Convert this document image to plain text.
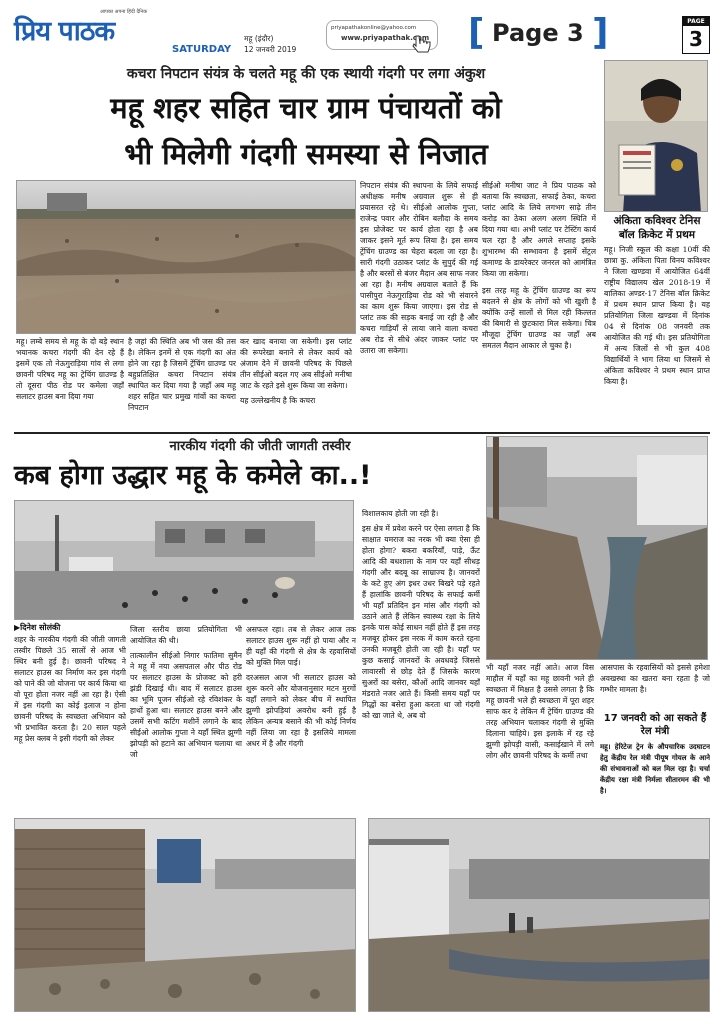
प्रिय पाठक
आपका अपना हिंदी दैनिक
SATURDAY
महू (इंदौर)
12 जनवरी 2019
priyapathakonline@yahoo.com
www.priyapathak.com [ Page 3 ]	PAGE
3
कचरा निपटान संयंत्र के चलते महू की एक स्थायी गंदगी पर लगा अंकुश
महू शहर सहित चार ग्राम पंचायतों को
भी मिलेगी गंदगी समस्या से निजात

महू। लम्बे समय से महू के दो बड़े स्थान भयानक कचरा गंदगी की देन रहे हैं इसमें एक तो नेऊगुराड़िया गांव से लगा छावनी परिषद महू का ट्रेचिंग ग्राउण्ड है तो दूसरा पीठ रोड पर कमेला जहाँ सलाटर हाउस बना दिया गया

है जहां की स्थिति अब भी जस की तस है। लेकिन इनमें से एक गंदगी का अंत होने जा रहा है जिसमें ट्रेंचिंग ग्राउण्ड पर बहुप्रतिक्षित कचरा निपटान संयंत्र स्थापित कर दिया गया है जहाँ अब महू शहर सहित चार प्रमुख गांवों का कचरा निपटान

कर खाद बनाया जा सकेगी। इस प्लांट की रूपरेखा बनाने से लेकर कार्य को अंजाम देने में छावनी परिषद के पिछले तीन सीईओ बदल गए अब सीईओ मनीषा जाट के रहते इसे शुरू किया जा सकेगा।

यह उल्लेखनीय है कि कचरा

निपटान संयंत्र की स्थापना के लिये सफाई अधीक्षक मनीष अग्रवाल शुरू से ही प्रयासरत रहे थे। सीईओ आलोक गुप्ता, राजेन्द्र पवार और रोबिन बलौदा के समय इस प्रोजेक्ट पर कार्य होता रहा है अब जाकर इसने मूर्त रूप लिया है। इस समय ट्रेंचिंग ग्राउण्ड का चेहरा बदला जा रहा है। सारी गंदगी उठाकर प्लांट के सुपुर्द की गई है और बरसों से बंजर मैदान अब साफ नजर आ रहा है। मनीष अग्रवाल बताते हैं कि पासीपुरा नेऊगुराड़िया रोड को भी संवारने का काम शुरू किया जाएगा। इस रोड से प्लांट तक की सड़क बनाई जा रही है और कचरा गाड़ियाँ से लाया जाने वाला कचरा अब रोड से सीधे अंदर जाकर प्लांट पर उतारा जा सकेगा।

सीईओ मनीषा जाट ने प्रिय पाठक को बताया कि स्वच्छता, सफाई ठेका, कचरा प्लांट आदि के लिये लगभग साढ़े तीन करोड़ का ठेका अलग अलग स्थिति में दिया गया था। अभी प्लांट पर टेस्टिंग कार्य चल रहा है और अगले सप्ताह इसके शुभारम्भ की सम्भावना है इसमें सेंट्रल कमाण्ड के डायरेक्टर जनरल को आमंत्रित किया जा सकेगा।

इस तरह महू के ट्रेंचिंग ग्राउण्ड का रूप बदलने से क्षेत्र के लोगों को भी खुशी है क्योंकि उन्हें सालों से मिल रही किल्लत की बिमारी से छुटकारा मिल सकेगा। चित्र मौजूदा ट्रेंचिंग ग्राउण्ड का जहाँ अब समतल मैदान आकार ले चुका है।

अंकिता कविश्वर टेनिस बॉल क्रिकेट में प्रथम

महू। निजी स्कूल की कक्षा 10वीं की छात्रा कु. अंकिता पिता विनय कविश्वर ने जिला खण्डवा में आयोजित 64वीं राष्ट्रीय विद्यालय खेल 2018-19 में बालिका अण्डर-17 टेनिस बॉल क्रिकेट में प्रथम स्थान प्राप्त किया है। यह प्रतियोगिता जिला खण्डवा में दिनांक 04 से दिनांक 08 जनवरी तक आयोजित की गई थी। इस प्रतियोगिता में अन्य जिलों से भी कुल 408 विद्यार्थियों ने भाग लिया था जिसमें से अंकिता कविश्वर ने प्रथम स्थान प्राप्त किया है।

नारकीय गंदगी की जीती जागती तस्वीर
कब होगा उद्धार महू के कमेले का..!
▶दिनेश सोलंकी

शहर के नारकीय गंदगी की जीती जागती तस्वीर पिछले 35 सालों से आज भी स्थिर बनी हुई है। छावनी परिषद ने सलाटर हाउस का निर्माण कर इस गंदगी को पाने की जो योजना पर कार्य किया था वो पूरा होता नजर नहीं आ रहा है। ऐसी में इस गंदगी का कोई इलाज न होना छावनी परिषद के स्वच्छता अभियान को भी प्रभावित करता है। 20 साल पहले महू प्रेस क्लब ने इसी गंदगी को लेकर

जिला स्तरीय छाया प्रतियोगिता भी आयोजित की थी।

तात्कालीन सीईओ निगार फातिमा सुमैन ने महू में नया असपताल और पीठ रोड पर सलाटर हाउस के प्रोजक्ट को हरी झंडी दिखाई थी। बाद में सलाटर हाउस का भूमि पूजन सीईओ रहे रविशंकर के हाथों हुआ था। सलाटर हाउस बनने और उसमें सभी कटिंग मशीनें लगाने के बाद सीईओ आलोक गुप्ता ने यहाँ स्थित झुग्गी झोपड़ी को हटाने का अभियान चलाया था जो

असफल रहा। तब से लेकर आज तक सलाटर हाउस शुरू नहीं हो पाया और न ही यहाँ की गंदगी से क्षेत्र के रहवासियों को मुक्ति मिल पाई।

दरअसल आज भी सलाटर हाउस को शुरू करने और योजनानुसार मटन मुरगों वहाँ लगाने को लेकर बीच में स्थापित झुग्गी झोपड़ियां अवरोध बनी हुई है लेकिन अन्यत्र बसाने की भी कोई निर्णय नहीं लिया जा रहा है इसलिये मामला अधर में है और गंदगी

विशालकाय होती जा रही है।

इस क्षेत्र में प्रवेश करने पर ऐसा लगता है कि साक्षात यमराज का नरक भी क्या ऐसा ही होता होगा? बकरा बकरियाँ, पाड़े, ऊँट आदि की बधशाला के नाम पर यहाँ सीधड़ गंदगी और बदबू का साम्राज्य है। जानवरों के कटे हुए अंग इधर उधर बिखरे पड़े रहते हैं हालांकि छावनी परिषद के सफाई कर्मी भी यहाँ प्रतिदिन इन मांस और गंदगी को उठाने आते हैं लेकिन स्वास्थ्य रक्षा के लिये इनके पास कोई साधन नहीं होते हैं इस तरह मजबूर होकर इस नरक में काम करते रहना उनकी मजबूरी होती जा रही है। यहाँ पर कुछ कसाई जानवरों के अवधवड़े जिससे लावारसी से छोड़ देते हैं जिसके कारण सुअरों का बसेरा, कौओं आदि जानवर यहाँ मंडराते नजर आते हैं। किसी समय यहाँ पर गिद्धों का बसेरा हुआ करता था जो गंदगी को खा जाते थे, अब वो

भी यहाँ नजर नहीं आते। आज विस माहौल में यहाँ का महू छावनी भले ही स्वच्छता में मिक्षत है उससे लगता है कि महू छावनी भले ही स्वच्छता में पूरा शहर साफ कर दे लेकिन मैं ट्रेचिंग ग्राउण्ड की तरह अभियान चलाकर गंदगी से मुक्ति दिलाना चाहिये। इस इलाके में रह रहे झुग्गी झोपड़ी वासी, कसाईखाने में लगे लोग और छावनी परिषद के कर्मी तथा

आसपास के रहवासियों को इससे हमेशा अवखस्था का खतरा बना रहता है जो गम्भीर मामला है।

17 जनवरी को आ सकते हैं रेल मंत्री

महू। हेरिटेज ट्रेन के औपचारिक उदघाटन हेतु केंद्रीय रेल मंत्री पीयूष गोयल के आने की संभावनाओं को बल मिल रहा है। चर्चा केंद्रीय रक्षा मंत्री निर्मला सीतारमन की भी है।
